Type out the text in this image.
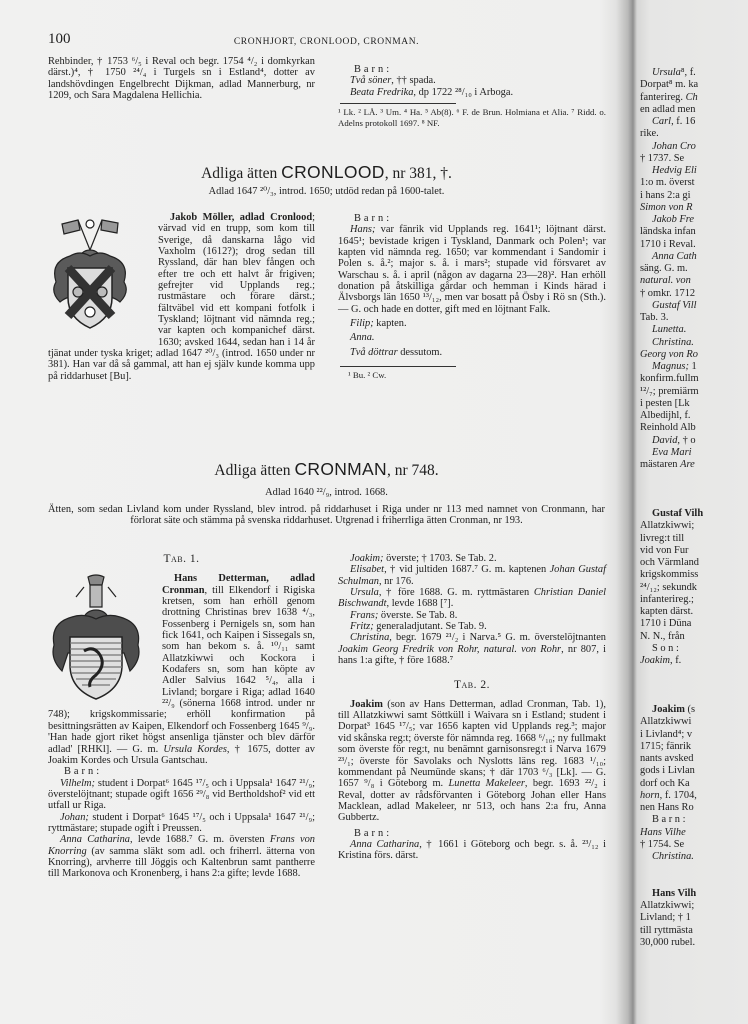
100	CRONHJORT, CRONLOOD, CRONMAN.

Rehbinder, † 1753 ⁶/₅ i Reval och begr. 1754 ⁴/₂ i domkyrkan därst.)⁴, † 1750 ²⁴/₄ i Turgels sn i Estland⁴, dotter av landshövdingen Engelbrecht Dijkman, adlad Mannerburg, nr 1209, och Sara Magdalena Hellichia.

Barn:

Två söner, †† spada.

Beata Fredrika, dp 1722 ²⁸/₁₀ i Arboga.

¹ Lk. ² LÅ. ³ Um. ⁴ Ha. ⁵ Ab(8). ⁶ F. de Brun. Holmiana et Alia. ⁷ Ridd. o. Adelns protokoll 1697. ⁸ NF.

Adliga ätten CRONLOOD, nr 381, †.
Adlad 1647 ²⁰/₃, introd. 1650; utdöd redan på 1600-talet.

Jakob Möller, adlad Cronlood; värvad vid en trupp, som kom till Sverige, då danskarna lågo vid Vaxholm (1612?); drog sedan till Ryssland, där han blev fången och efter tre och ett halvt år frigiven; gefrejter vid Upplands reg.; rustmästare och förare därst.; fältväbel vid ett kompani fotfolk i Tyskland; löjtnant vid nämnda reg.; var kapten och kompanichef därst. 1630; avsked 1644, sedan han i 14 år tjänat under tyska kriget; adlad 1647 ²⁰/₃ (introd. 1650 under nr 381). Han var då så gammal, att han ej själv kunde komma upp på riddarhuset [Bu].

Barn:

Hans; var fänrik vid Upplands reg. 1641¹; löjtnant därst. 1645¹; bevistade krigen i Tyskland, Danmark och Polen¹; var kapten vid nämnda reg. 1650; var kommendant i Sandomir i Polen s. å.²; major s. å. i mars²; stupade vid försvaret av Warschau s. å. i april (någon av dagarna 23—28)². Han erhöll donation på åtskilliga gårdar och hemman i Kinds härad i Älvsborgs län 1650 ¹³/₁₂, men var bosatt på Ösby i Rö sn (Sth.). — G. och hade en dotter, gift med en löjtnant Falk.

Filip; kapten.

Anna.

Två döttrar dessutom.

¹ Bu. ² Cw.

Adliga ätten CRONMAN, nr 748.
Adlad 1640 ²²/₉, introd. 1668.
Ätten, som sedan Livland kom under Ryssland, blev introd. på riddarhuset i Riga under nr 113 med namnet von Cronmann, har förlorat säte och stämma på svenska riddarhuset. Utgrenad i friherrliga ätten Cronman, nr 193.
Tab. 1.

Hans Detterman, adlad Cronman, till Elkendorf i Rigiska kretsen, som han erhöll genom drottning Christinas brev 1638 ⁴/₃, Fossenberg i Pernigels sn, som han fick 1641, och Kaipen i Sissegals sn, som han bekom s. å. ¹⁰/₁₁ samt Allatzkiwwi och Kockora i Kodafers sn, som han köpte av Adler Salvius 1642 ⁵/₄, alla i Livland; borgare i Riga; adlad 1640 ²²/₉ (sönerna 1668 introd. under nr 748); krigskommissarie; erhöll konfirmation på besittningsrätten av Kaipen, Elkendorf och Fossenberg 1645 ⁹/₉. 'Han hade gjort riket högst ansenliga tjänster och blev därför adlad' [RHKl]. — G. m. Ursula Kordes, † 1675, dotter av Joakim Kordes och Ursula Gantschau.

Barn:

Vilhelm; student i Dorpat⁶ 1645 ¹⁷/₅ och i Uppsala¹ 1647 ²¹/₉; överstelöjtnant; stupade ogift 1656 ²⁹/₈ vid Bertholdshof² vid ett utfall ur Riga.

Johan; student i Dorpat⁶ 1645 ¹⁷/₅ och i Uppsala¹ 1647 ²¹/₉; ryttmästare; stupade ogift i Preussen.

Anna Catharina, levde 1688.⁷ G. m. översten Frans von Knorring (av samma släkt som adl. och friherrl. ätterna von Knorring), arvherre till Jöggis och Kaltenbrun samt pantherre till Markonova och Kronenberg, i hans 2:a gifte; levde 1688.

Joakim; överste; † 1703. Se Tab. 2.

Elisabet, † vid jultiden 1687.⁷ G. m. kaptenen Johan Gustaf Schulman, nr 176.

Ursula, † före 1688. G. m. ryttmästaren Christian Daniel Bischwandt, levde 1688 [⁷].

Frans; överste. Se Tab. 8.

Fritz; generaladjutant. Se Tab. 9.

Christina, begr. 1679 ²¹/₂ i Narva.⁵ G. m. överstelöjtnanten Joakim Georg Fredrik von Rohr, natural. von Rohr, nr 807, i hans 1:a gifte, † före 1688.⁷

Tab. 2.

Joakim (son av Hans Detterman, adlad Cronman, Tab. 1), till Allatzkiwwi samt Söttküll i Waivara sn i Estland; student i Dorpat³ 1645 ¹⁷/₅; var 1656 kapten vid Upplands reg.³; major vid skånska reg:t; överste för nämnda reg. 1668 ⁶/₁₀; ny fullmakt som överste för reg:t, nu benämnt garnisonsreg:t i Narva 1679 ²³/₁; överste för Savolaks och Nyslotts läns reg. 1683 ¹/₁₀; kommendant på Neumünde skans; † där 1703 ⁶/₃ [Lk]. — G. 1657 ⁹/₈ i Göteborg m. Lunetta Makeleer, begr. 1693 ²²/₂ i Reval, dotter av rådsförvanten i Göteborg Johan eller Hans Macklean, adlad Makeleer, nr 513, och hans 2:a fru, Anna Gubbertz.

Barn:

Anna Catharina, † 1661 i Göteborg och begr. s. å. ²³/₁₂ i Kristina förs. därst.

Ursula⁸, f.
Dorpat⁸ m. ka
fanterireg. Ch
en adlad men
Carl, f. 16
rike.
Johan Cro
† 1737. Se
Hedvig Eli
1:o m. överst
i hans 2:a gi
Simon von R
Jakob Fre
ländska infan
1710 i Reval.
Anna Cath
säng. G. m.
natural. von
† omkr. 1712
Gustaf Vill
Tab. 3.
Lunetta.
Christina.
Georg von Ro
Magnus; 1
konfirm.fullm
¹²/₇; premiärm
i pesten [Lk
Albedijhl, f.
Reinhold Alb
David, † o
Eva Mari
mästaren Are
Gustaf Vilh
Allatzkiwwi;
livreg:t till
vid von Fur
och Värmland
krigskommiss
²⁴/₁₂; sekundk
infanterireg.;
kapten därst.
1710 i Düna
N. N., från
S o n :
Joakim, f.
Joakim (s
Allatzkiwwi
i Livland⁴; v
1715; fänrik
nants avsked
gods i Livlan
dorf och Ka
horn, f. 1704,
nen Hans Ro
B a r n :
Hans Vilhe
† 1754. Se
Christina.
Hans Vilh
Allatzkiwwi;
Livland; † 1
till ryttmästa
30,000 rubel.
